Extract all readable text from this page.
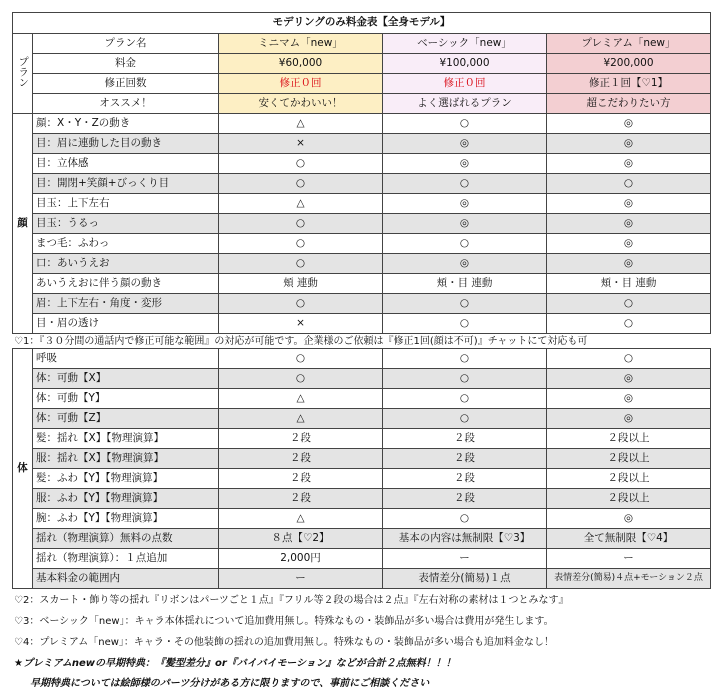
モデリングのみ料金表【全身モデル】				
プラン	プラン名	ミニマム「new」	ベーシック「new」	プレミアム「new」
	料金	¥60,000	¥100,000	¥200,000
	修正回数	修正０回	修正０回	修正１回【♡1】
	オススメ！	安くてかわいい！	よく選ばれるプラン	超こだわりたい方
顔	顔：X・Y・Zの動き	△	○	◎
	目：眉に連動した目の動き	×	◎	◎
	目：立体感	○	◎	◎
	目：開閉+笑顔+びっくり目	○	○	○
	目玉：上下左右	△	◎	◎
	目玉：うるっ	○	◎	◎
	まつ毛：ふわっ	○	○	◎
	口：あいうえお	○	◎	◎
	あいうえおに伴う顔の動き	頬 連動	頬・目 連動	頬・目 連動
	眉：上下左右・角度・変形	○	○	○
	目・眉の透け	×	○	○
♡1：『３０分間の通話内で修正可能な範囲』の対応が可能です。企業様のご依頼は『修正1回(顔は不可)』チャットにて対応も可
体	呼吸	○	○	○
	体：可動【X】	○	○	◎
	体：可動【Y】	△	○	◎
	体：可動【Z】	△	○	◎
	髪：揺れ【X】【物理演算】	２段	２段	２段以上
	服：揺れ【X】【物理演算】	２段	２段	２段以上
	髪：ふわ【Y】【物理演算】	２段	２段	２段以上
	服：ふわ【Y】【物理演算】	２段	２段	２段以上
	腕：ふわ【Y】【物理演算】	△	○	◎
	揺れ（物理演算）無料の点数	８点【♡2】	基本の内容は無制限【♡3】	全て無制限【♡4】
	揺れ（物理演算）：１点追加	2,000円	ー	ー
	基本料金の範囲内	ー	表情差分(簡易)１点	表情差分(簡易)４点+モーション２点
♡2：スカート・飾り等の揺れ『リボンはパーツごと１点』『フリル等２段の場合は２点』『左右対称の素材は１つとみなす』
♡3：ベーシック「new」：キャラ本体揺れについて追加費用無し。特殊なもの・装飾品が多い場合は費用が発生します。
♡4：プレミアム「new」：キャラ・その他装飾の揺れの追加費用無し。特殊なもの・装飾品が多い場合も追加料金なし！
★プレミアムnewの早期特典：『髪型差分』or『バイバイモーション』などが合計２点無料！！！
早期特典については絵師様のパーツ分けがある方に限りますので、事前にご相談ください
